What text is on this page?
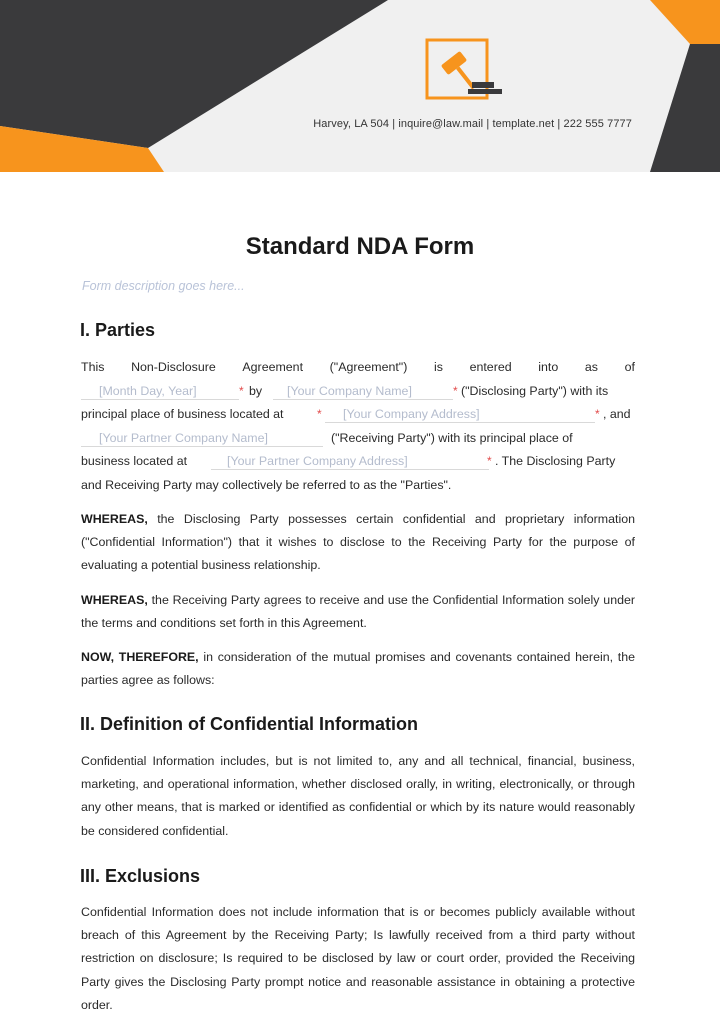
Harvey, LA 504 | inquire@law.mail | template.net | 222 555 7777
Standard NDA Form
Form description goes here...
I. Parties
This Non-Disclosure Agreement ("Agreement") is entered into as of
[Month Day, Year]	* by	[Your Company Name]	* ("Disclosing Party") with its
principal place of business located at	[Your Company Address]
*	* , and
[Your Partner Company Name]	("Receiving Party") with its principal place of
business located at	[Your Partner Company Address]	* . The Disclosing Party
and Receiving Party may collectively be referred to as the "Parties".

WHEREAS, the Disclosing Party possesses certain confidential and proprietary information ("Confidential Information") that it wishes to disclose to the Receiving Party for the purpose of evaluating a potential business relationship.

WHEREAS, the Receiving Party agrees to receive and use the Confidential Information solely under the terms and conditions set forth in this Agreement.

NOW, THEREFORE, in consideration of the mutual promises and covenants contained herein, the parties agree as follows:

II. Definition of Confidential Information

Confidential Information includes, but is not limited to, any and all technical, financial, business, marketing, and operational information, whether disclosed orally, in writing, electronically, or through any other means, that is marked or identified as confidential or which by its nature would reasonably be considered confidential.

III. Exclusions

Confidential Information does not include information that is or becomes publicly available without breach of this Agreement by the Receiving Party; Is lawfully received from a third party without restriction on disclosure; Is required to be disclosed by law or court order, provided the Receiving Party gives the Disclosing Party prompt notice and reasonable assistance in obtaining a protective order.
